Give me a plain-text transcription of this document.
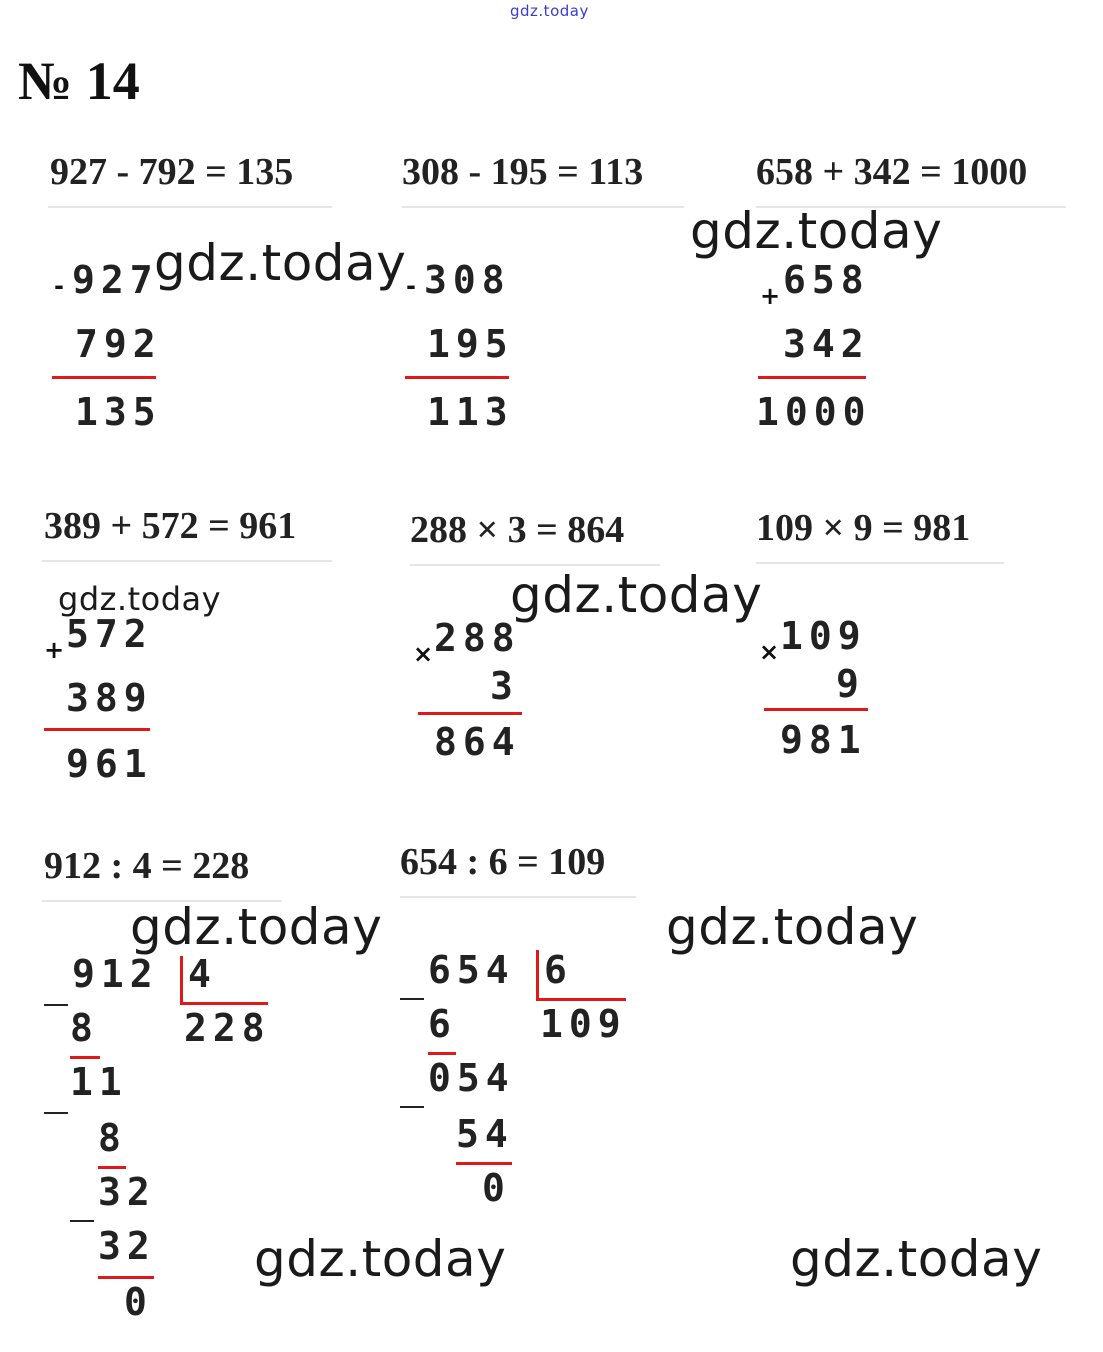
gdz.today
№ 14
927 - 792 = 135	308 - 195 = 113	658 + 342 = 1000
- 927
792
135
- 308
195
113
+ 658
342
1000
389 + 572 = 961	288 × 3 = 864	109 × 9 = 981
+ 572
389
961
× 288
3
864
× 109
9
981
912 : 4 = 228	654 : 6 = 109
912 4
228
8
11
8
32
32
0
654 6
109
6
054
54
0
gdz.today
gdz.today
gdz.today	gdz.today
gdz.today	gdz.today
gdz.today	gdz.today
